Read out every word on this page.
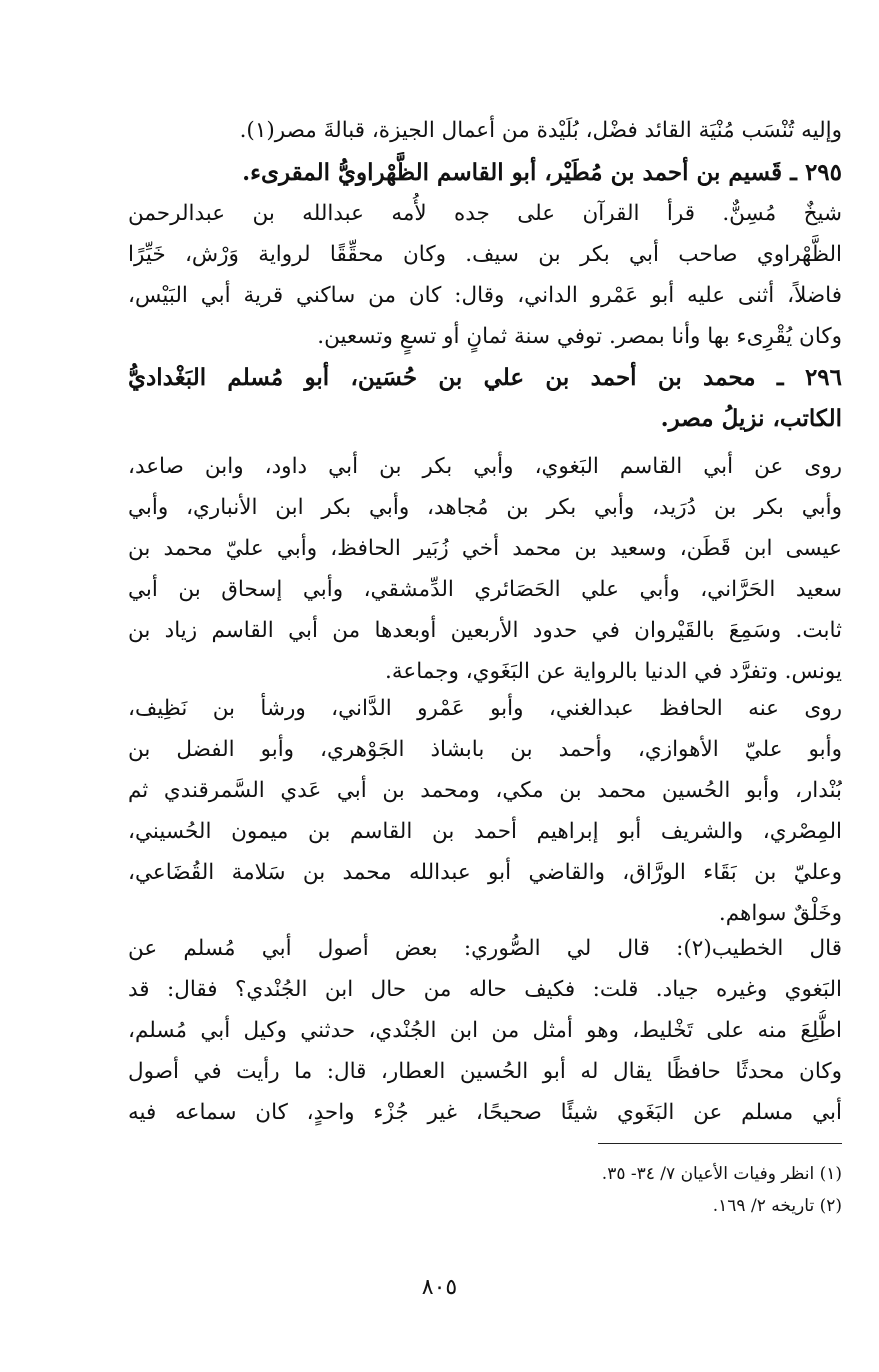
وإليه تُنْسَب مُنْيَة القائد فضْل، بُلَيْدة من أعمال الجيزة، قبالةَ مصر(١).
٢٩٥ ـ قَسيم بن أحمد بن مُطَيْر، أبو القاسم الظَّهْراويُّ المقرىء.
شيخٌ مُسِنٌّ. قرأ القرآن على جده لأُمه عبدالله بن عبدالرحمن
الظَّهْراوي صاحب أبي بكر بن سيف. وكان محقِّقًا لرواية وَرْش، خَيِّرًا
فاضلاً، أثنى عليه أبو عَمْرو الداني، وقال: كان من ساكني قرية أبي البَيْس،
وكان يُقْرِىء بها وأنا بمصر. توفي سنة ثمانٍ أو تسعٍ وتسعين.
٢٩٦ ـ محمد بن أحمد بن علي بن حُسَين، أبو مُسلم البَغْداديُّ
الكاتب، نزيلُ مصر.
روى عن أبي القاسم البَغوي، وأبي بكر بن أبي داود، وابن صاعد،
وأبي بكر بن دُرَيد، وأبي بكر بن مُجاهد، وأبي بكر ابن الأنباري، وأبي
عيسى ابن قَطَن، وسعيد بن محمد أخي زُبَير الحافظ، وأبي عليّ محمد بن
سعيد الحَرَّاني، وأبي علي الحَصَائري الدِّمشقي، وأبي إسحاق بن أبي
ثابت. وسَمِعَ بالقَيْروان في حدود الأربعين أوبعدها من أبي القاسم زياد بن
يونس. وتفرَّد في الدنيا بالرواية عن البَغَوي، وجماعة.
روى عنه الحافظ عبدالغني، وأبو عَمْرو الدَّاني، ورشأ بن نَظِيف،
وأبو عليّ الأهوازي، وأحمد بن بابشاذ الجَوْهري، وأبو الفضل بن
بُنْدار، وأبو الحُسين محمد بن مكي، ومحمد بن أبي عَدي السَّمرقندي ثم
المِصْري، والشريف أبو إبراهيم أحمد بن القاسم بن ميمون الحُسيني،
وعليّ بن بَقَاء الورَّاق، والقاضي أبو عبدالله محمد بن سَلامة القُضَاعي،
وخَلْقٌ سواهم.
قال الخطيب(٢): قال لي الصُّوري: بعض أصول أبي مُسلم عن
البَغوي وغيره جياد. قلت: فكيف حاله من حال ابن الجُنْدي؟ فقال: قد
اطُّلِعَ منه على تَخْليط، وهو أمثل من ابن الجُنْدي، حدثني وكيل أبي مُسلم،
وكان محدثًا حافظًا يقال له أبو الحُسين العطار، قال: ما رأيت في أصول
أبي مسلم عن البَغَوي شيئًا صحيحًا، غير جُزْء واحدٍ، كان سماعه فيه
(١) انظر وفيات الأعيان ٧/ ٣٤- ٣٥.
(٢) تاريخه ٢/ ١٦٩.
٨٠٥
